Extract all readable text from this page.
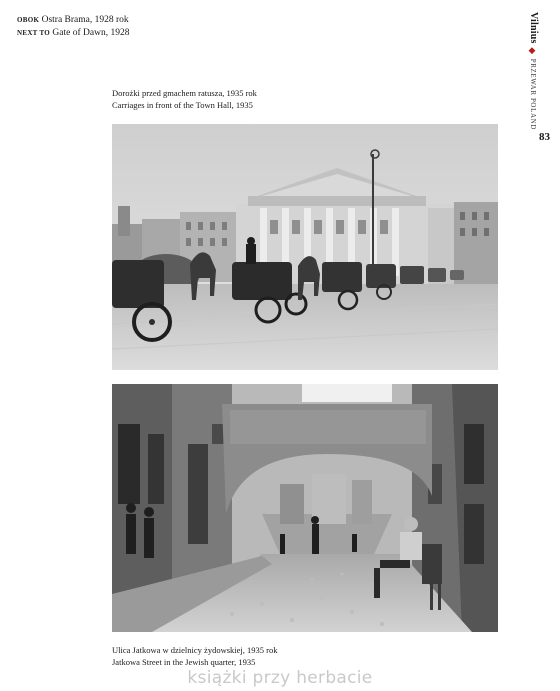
OBOK Ostra Brama, 1928 rok
NEXT TO Gate of Dawn, 1928	Vilnius ◆ PRZEWAR POLAND
83
Dorożki przed gmachem ratusza, 1935 rok
Carriages in front of the Town Hall, 1935
Ulica Jatkowa w dzielnicy żydowskiej, 1935 rok
Jatkowa Street in the Jewish quarter, 1935
książki przy herbacie
